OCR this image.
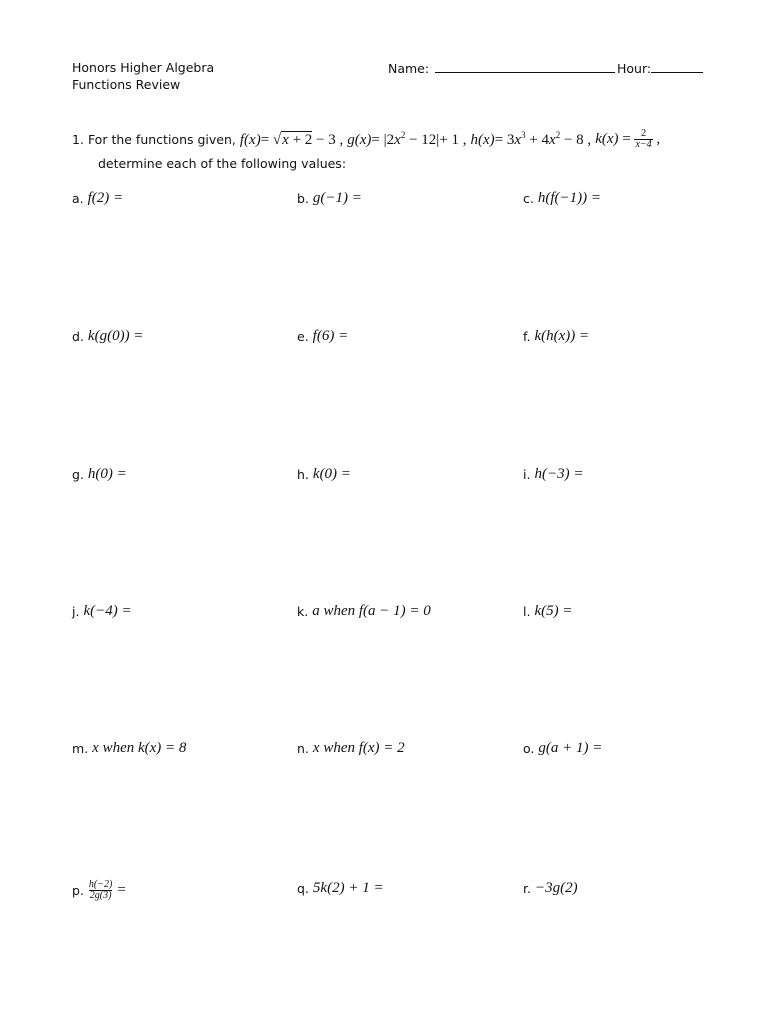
Honors Higher Algebra
Functions Review
Name:	Hour:
1. For the functions given, f(x)= √x + 2 − 3 , $g(x)= |2x^2 - 12|+ 1$ , $h(x)= 3x^3 + 4x^2 - 8$ , $k(x) = \frac{2}{x-4}$ ,
determine each of the following values:
a. f(2) =	b. g(−1) =	c. h(f(−1)) =
d. k(g(0)) =	e. f(6) =	f. k(h(x)) =
g. h(0) =	h. k(0) =	i. h(−3) =
j. k(−4) =	k. a when f(a − 1) = 0	l. k(5) =
m. x when k(x) = 8	n. x when f(x) = 2	o. g(a + 1) =
p. $\frac{h(-2)}{2g(3)}$ =	q. 5k(2) + 1 =	r. −3g(2)
